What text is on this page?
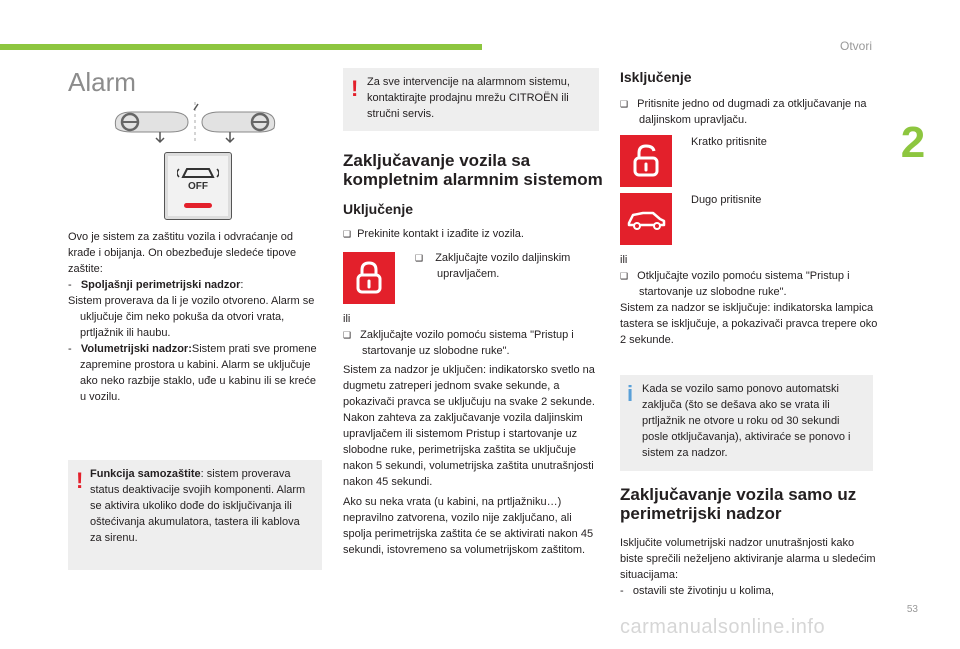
Otvori
2
53
carmanualsonline.info
Alarm
OFF

Ovo je sistem za zaštitu vozila i odvraćanje od krađe i obijanja. On obezbeđuje sledeće tipove zaštite:

- Spoljašnji perimetrijski nadzor:

Sistem proverava da li je vozilo otvoreno. Alarm se uključuje čim neko pokuša da otvori vrata, prtljažnik ili haubu.

- Volumetrijski nadzor:Sistem prati sve promene zapremine prostora u kabini. Alarm se uključuje ako neko razbije staklo, uđe u kabinu ili se kreće u vozilu.

! Funkcija samozaštite: sistem proverava status deaktivacije svojih komponenti. Alarm se aktivira ukoliko dođe do isključivanja ili oštećivanja akumulatora, tastera ili kablova za sirenu.
! Za sve intervencije na alarmnom sistemu, kontaktirajte prodajnu mrežu CITROËN ili stručni servis.
Zaključavanje vozila sa kompletnim alarmnim sistemom
Uključenje
❑ Prekinite kontakt i izađite iz vozila.

❑ Zaključajte vozilo daljinskim upravljačem.

ili

❑ Zaključajte vozilo pomoću sistema "Pristup i startovanje uz slobodne ruke".

Sistem za nadzor je uključen: indikatorsko svetlo na dugmetu zatreperi jednom svake sekunde, a pokazivači pravca se uključuju na svake 2 sekunde.

Nakon zahteva za zaključavanje vozila daljinskim upravljačem ili sistemom Pristup i startovanje uz slobodne ruke, perimetrijska zaštita se uključuje nakon 5 sekundi, volumetrijska zaštita unutrašnjosti nakon 45 sekundi.

Ako su neka vrata (u kabini, na prtljažniku…) nepravilno zatvorena, vozilo nije zaključano, ali spolja perimetrijska zaštita će se aktivirati nakon 45 sekundi, istovremeno sa volumetrijskom zaštitom.

Isključenje

❑ Pritisnite jedno od dugmadi za otključavanje na daljinskom upravljaču.

Kratko pritisnite
Dugo pritisnite

ili

❑ Otključajte vozilo pomoću sistema "Pristup i startovanje uz slobodne ruke".

Sistem za nadzor se isključuje: indikatorska lampica tastera se isključuje, a pokazivači pravca trepere oko 2 sekunde.

i Kada se vozilo samo ponovo automatski zaključa (što se dešava ako se vrata ili prtljažnik ne otvore u roku od 30 sekundi posle otključavanja), aktiviraće se ponovo i sistem za nadzor.
Zaključavanje vozila samo uz perimetrijski nadzor

Isključite volumetrijski nadzor unutrašnjosti kako biste sprečili neželjeno aktiviranje alarma u sledećim situacijama:

- ostavili ste životinju u kolima,
